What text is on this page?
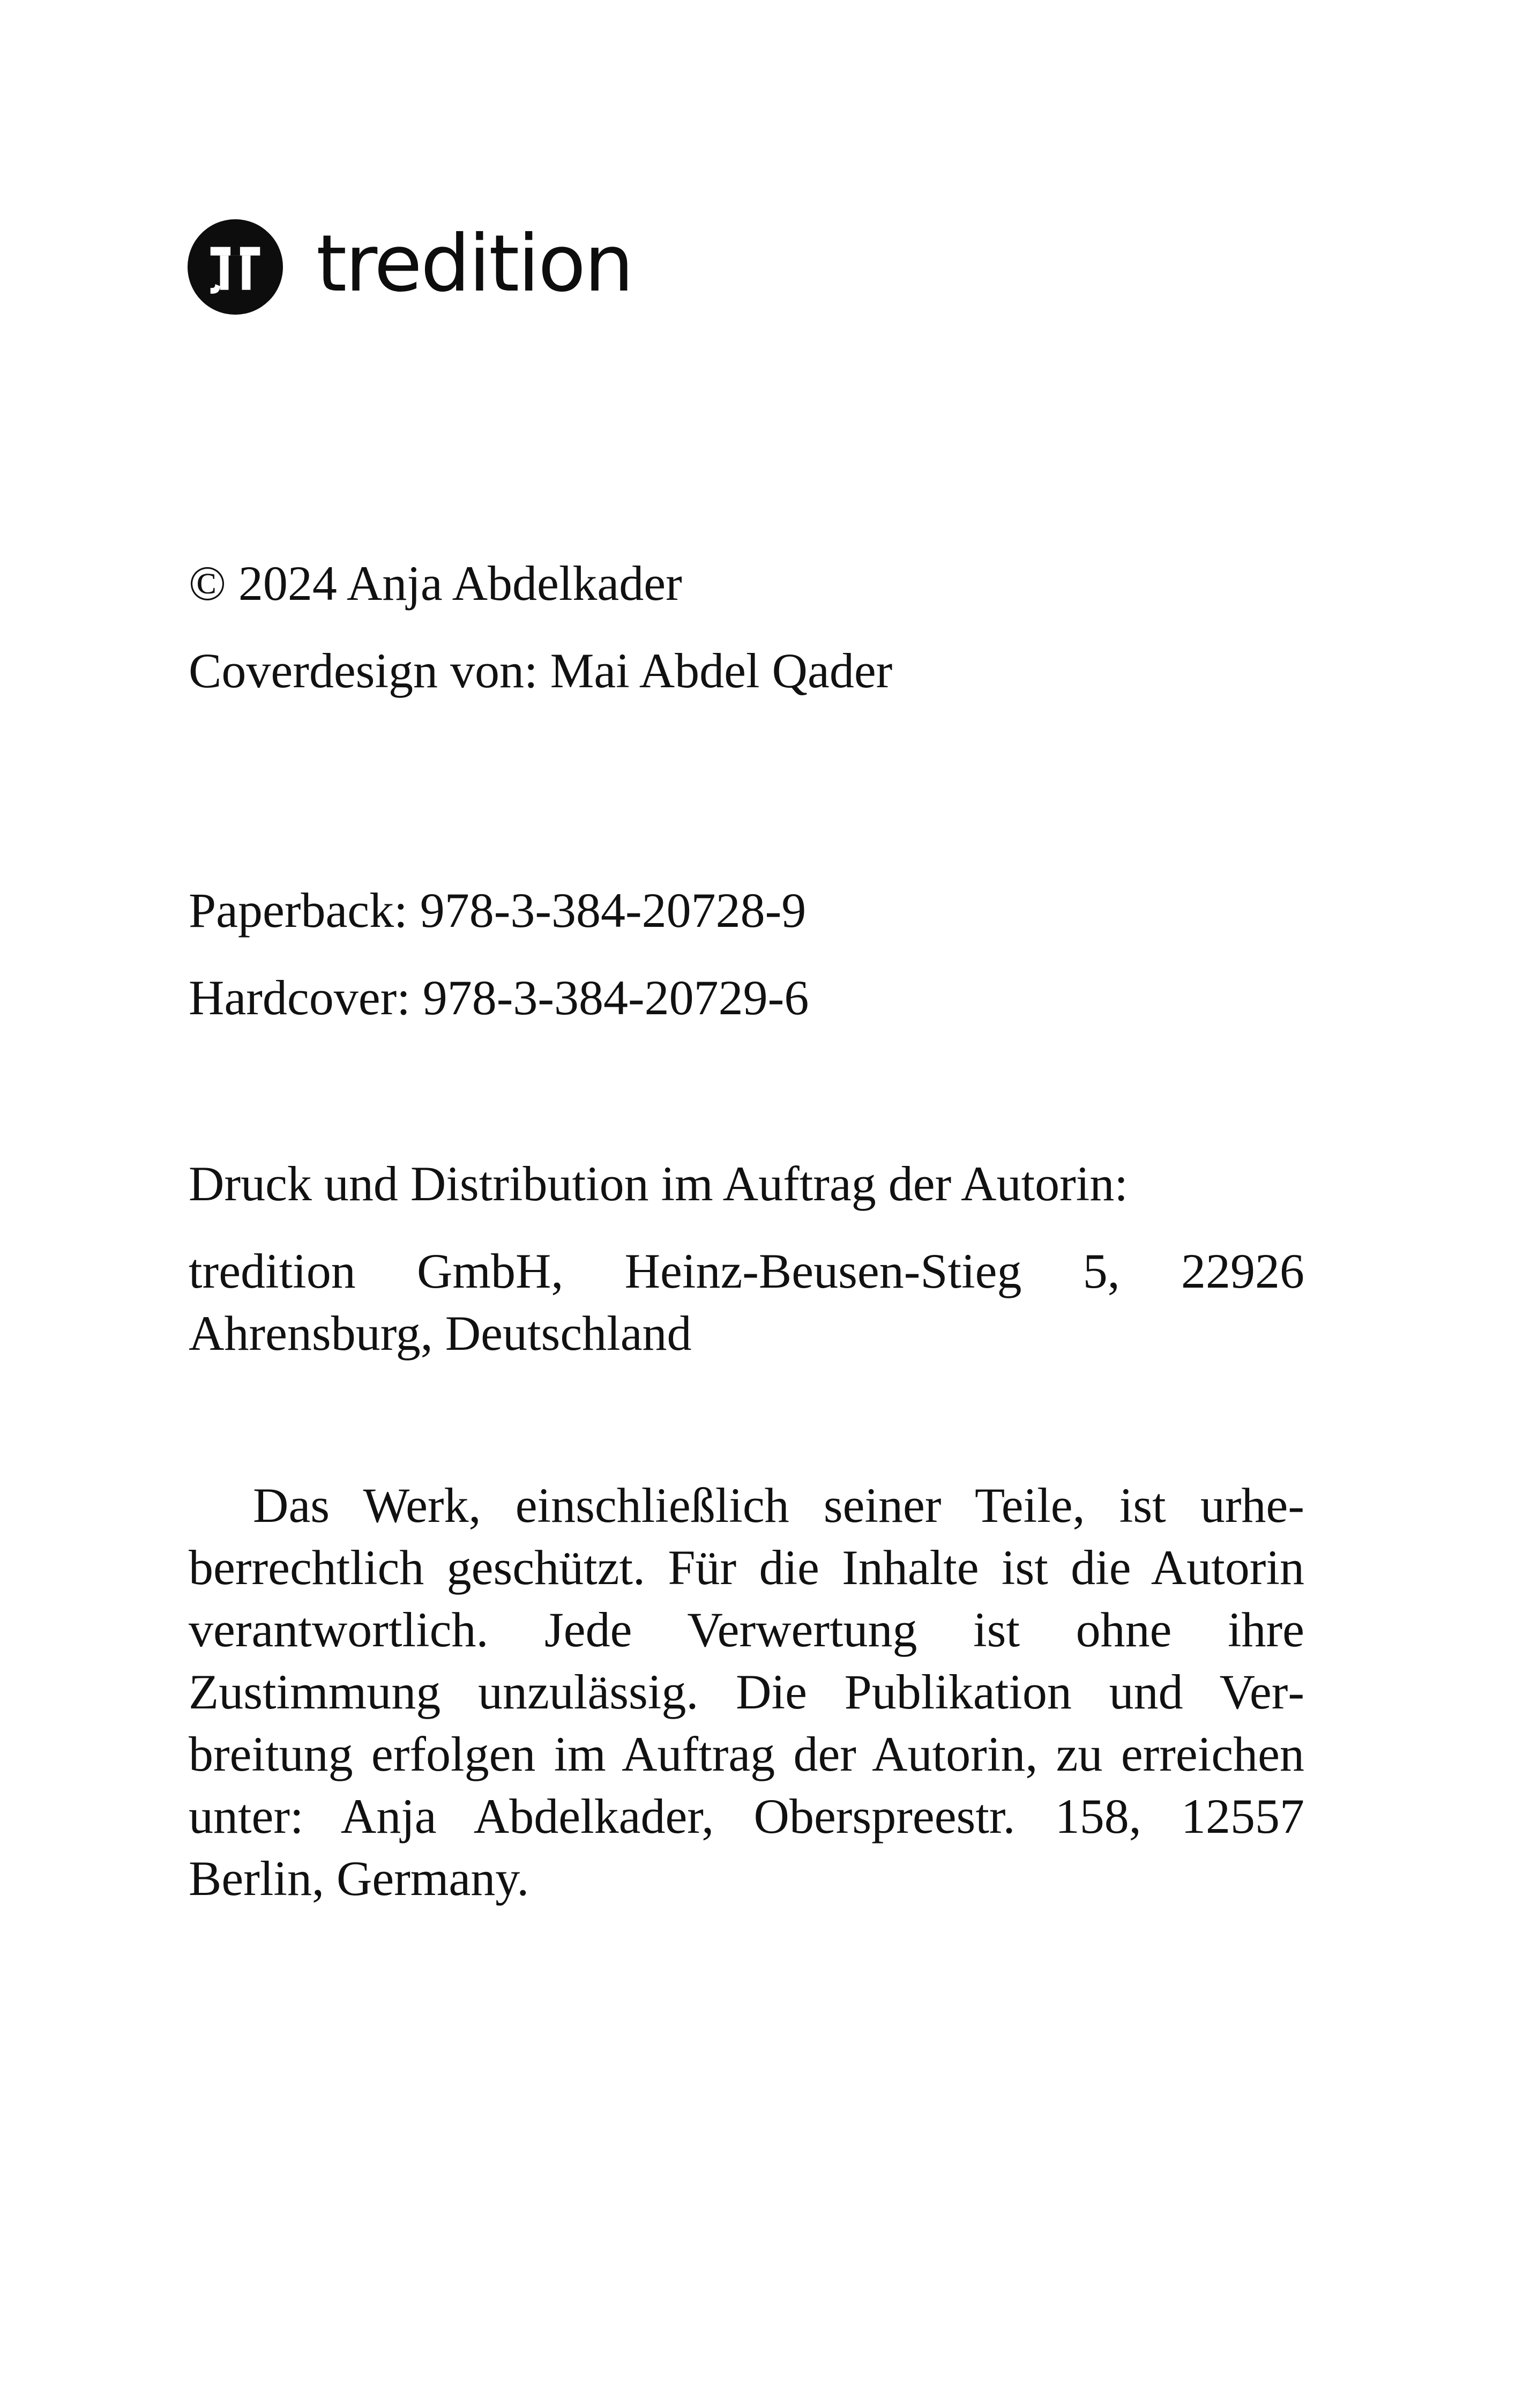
tredition
© 2024 Anja Abdelkader
Coverdesign von: Mai Abdel Qader
Paperback: 978-3-384-20728-9
Hardcover: 978-3-384-20729-6
Druck und Distribution im Auftrag der Autorin:
tredition GmbH, Heinz-Beusen-Stieg 5, 22926 Ahrensburg, Deutschland

Das Werk, einschließlich seiner Teile, ist urheberrechtlich geschützt. Für die Inhalte ist die Autorin verantwortlich. Jede Verwertung ist ohne ihre Zustimmung unzulässig. Die Publikation und Verbreitung erfolgen im Auftrag der Autorin, zu erreichen unter: Anja Abdelkader, Oberspreestr. 158, 12557 Berlin, Germany.
